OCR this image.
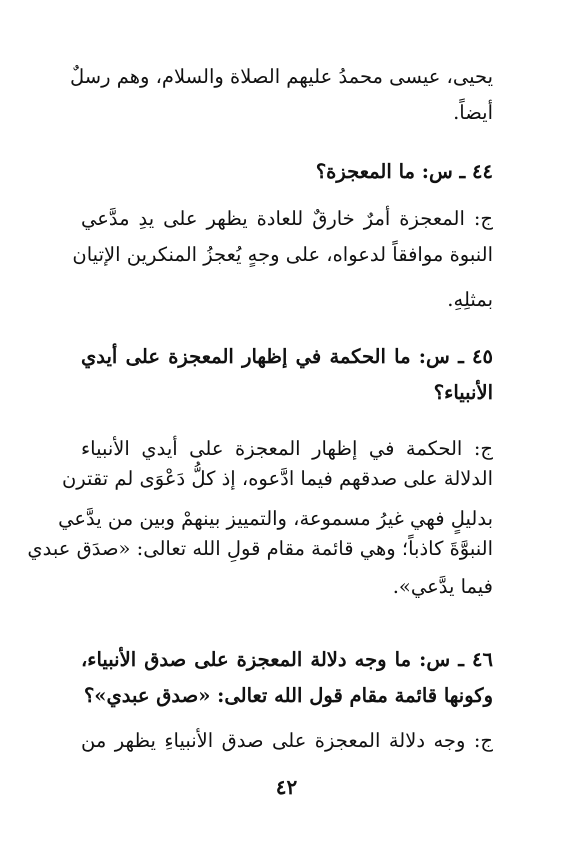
يحيى، عيسى محمدُ عليهم الصلاة والسلام، وهم رسلٌ
أيضاً.
٤٤ ـ س: ما المعجزة؟
ج: المعجزة أمرٌ خارقٌ للعادة يظهر على يدِ مدَّعي
النبوة موافقاً لدعواه، على وجهٍ يُعجزُ المنكرين الإتيان
بمثلِهِ.
٤٥ ـ س: ما الحكمة في إظهار المعجزة على أيدي
الأنبياء؟
ج: الحكمة في إظهار المعجزة على أيدي الأنبياء
الدلالة على صدقهم فيما ادَّعوه، إذ كلُّ دَعْوَى لم تقترن
بدليلٍ فهي غيرُ مسموعة، والتمييز بينهمْ وبين من يدَّعي
النبوَّةَ كاذباً؛ وهي قائمة مقام قولِ الله تعالى: «صدَق عبدي
فيما يدَّعي».
٤٦ ـ س: ما وجه دلالة المعجزة على صدق الأنبياء،
وكونها قائمة مقام قول الله تعالى: «صدق عبدي»؟
ج: وجه دلالة المعجزة على صدق الأنبياءِ يظهر من
٤٢
